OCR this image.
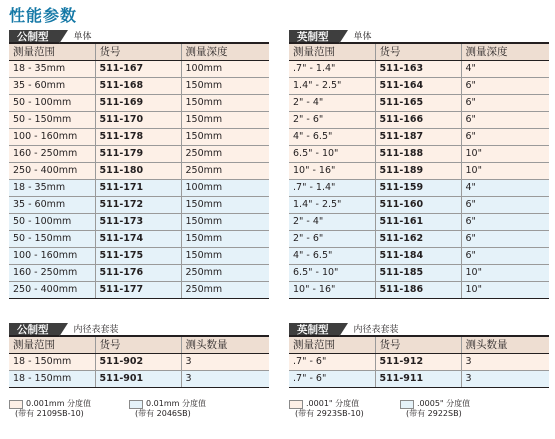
性能参数
公制型	单体
测量范围	货号	测量深度
18 - 35mm	511-167	100mm
35 - 60mm	511-168	150mm
50 - 100mm	511-169	150mm
50 - 150mm	511-170	150mm
100 - 160mm	511-178	150mm
160 - 250mm	511-179	250mm
250 - 400mm	511-180	250mm
18 - 35mm	511-171	100mm
35 - 60mm	511-172	150mm
50 - 100mm	511-173	150mm
50 - 150mm	511-174	150mm
100 - 160mm	511-175	150mm
160 - 250mm	511-176	250mm
250 - 400mm	511-177	250mm
英制型	单体
测量范围	货号	测量深度
.7" - 1.4"	511-163	4"
1.4" - 2.5"	511-164	6"
2" - 4"	511-165	6"
2" - 6"	511-166	6"
4" - 6.5"	511-187	6"
6.5" - 10"	511-188	10"
10" - 16"	511-189	10"
.7" - 1.4"	511-159	4"
1.4" - 2.5"	511-160	6"
2" - 4"	511-161	6"
2" - 6"	511-162	6"
4" - 6.5"	511-184	6"
6.5" - 10"	511-185	10"
10" - 16"	511-186	10"
公制型	内径表套装
测量范围	货号	测头数量
18 - 150mm	511-902	3
18 - 150mm	511-901	3
英制型	内径表套装
测量范围	货号	测头数量
.7" - 6"	511-912	3
.7" - 6"	511-911	3
0.001mm 分度值
(带有 2109SB-10)
0.01mm 分度值
(带有 2046SB)
.0001" 分度值
(带有 2923SB-10)
.0005" 分度值
(带有 2922SB)
